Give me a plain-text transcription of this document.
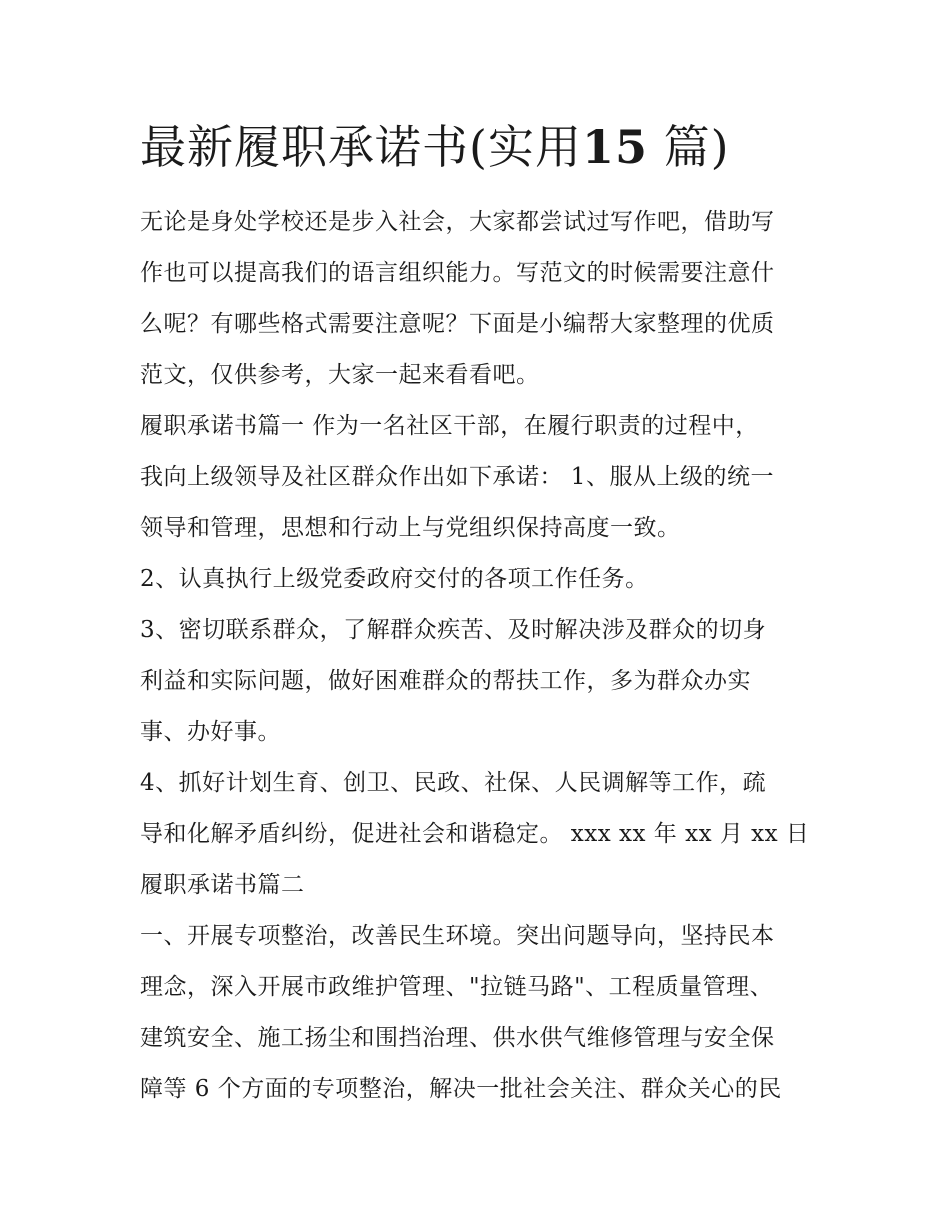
最新履职承诺书(实用15 篇)

无论是身处学校还是步入社会，大家都尝试过写作吧，借助写

作也可以提高我们的语言组织能力。写范文的时候需要注意什

么呢？有哪些格式需要注意呢？下面是小编帮大家整理的优质

范文，仅供参考，大家一起来看看吧。

履职承诺书篇一 作为一名社区干部，在履行职责的过程中，

我向上级领导及社区群众作出如下承诺： 1、服从上级的统一

领导和管理，思想和行动上与党组织保持高度一致。

2、认真执行上级党委政府交付的各项工作任务。

3、密切联系群众，了解群众疾苦、及时解决涉及群众的切身

利益和实际问题，做好困难群众的帮扶工作，多为群众办实

事、办好事。

4、抓好计划生育、创卫、民政、社保、人民调解等工作，疏

导和化解矛盾纠纷，促进社会和谐稳定。 xxx xx 年 xx 月 xx 日

履职承诺书篇二

一、开展专项整治，改善民生环境。突出问题导向，坚持民本

理念，深入开展市政维护管理、"拉链马路"、工程质量管理、

建筑安全、施工扬尘和围挡治理、供水供气维修管理与安全保

障等 6 个方面的专项整治，解决一批社会关注、群众关心的民
